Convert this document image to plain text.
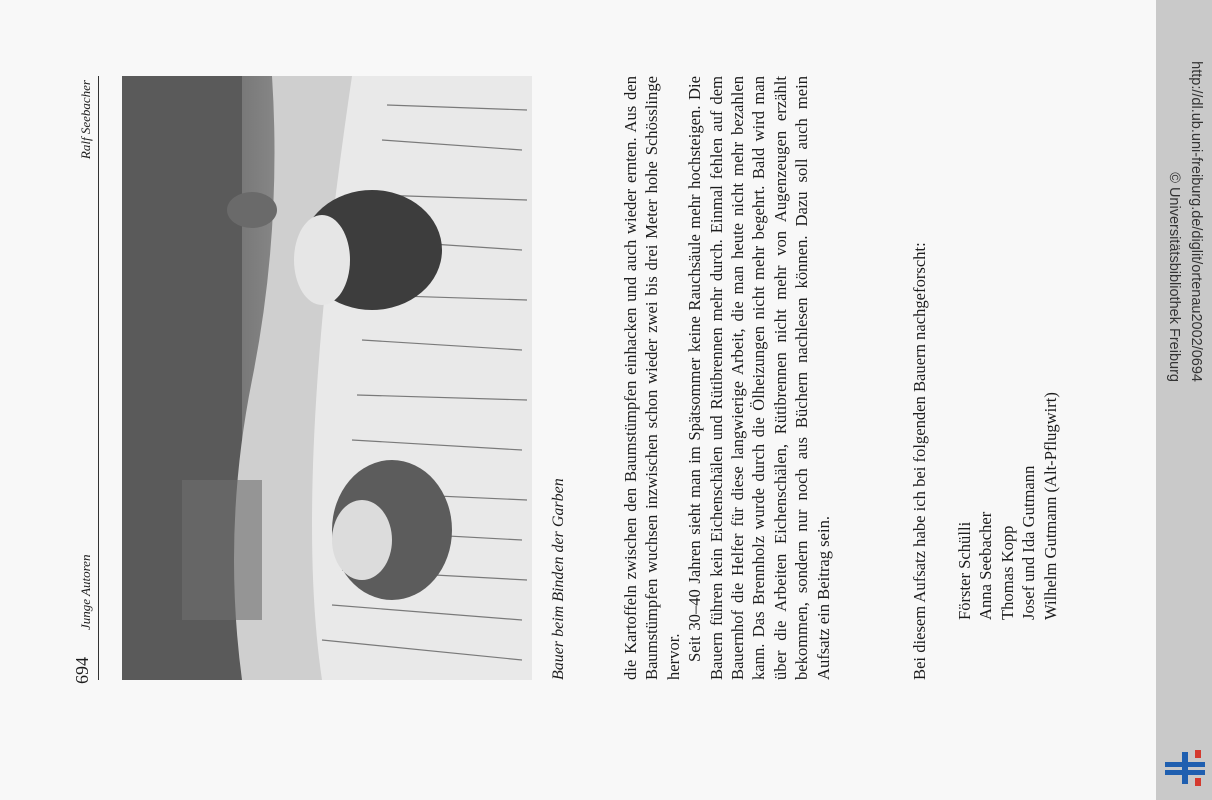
694
Junge Autoren
Ralf Seebacher
Bauer beim Binden der Garben	die Kartoffeln zwischen den Baumstümpfen einhacken und auch wieder ernten. Aus den Baumstümpfen wuchsen inzwischen schon wieder zwei bis drei Meter hohe Schösslinge hervor. Seit 30–40 Jahren sieht man im Spätsommer keine Rauchsäule mehr hochsteigen. Die Bauern führen kein Eichenschälen und Rütibrennen mehr durch. Einmal fehlen auf dem Bauernhof die Helfer für diese langwierige Arbeit, die man heute nicht mehr bezahlen kann. Das Brennholz wurde durch die Ölheizungen nicht mehr begehrt. Bald wird man über die Arbeiten Eichenschälen, Rütibrennen nicht mehr von Augenzeugen erzählt bekommen, sondern nur noch aus Büchern nachlesen können. Dazu soll auch mein Aufsatz ein Beitrag sein.	Bei diesem Aufsatz habe ich bei folgenden Bauern nachgeforscht: Förster Schülli Anna Seebacher Thomas Kopp Josef und Ida Gutmann Wilhelm Gutmann (Alt-Pflugwirt)
http://dl.ub.uni-freiburg.de/diglit/ortenau2002/0694
© Universitätsbibliothek Freiburg
